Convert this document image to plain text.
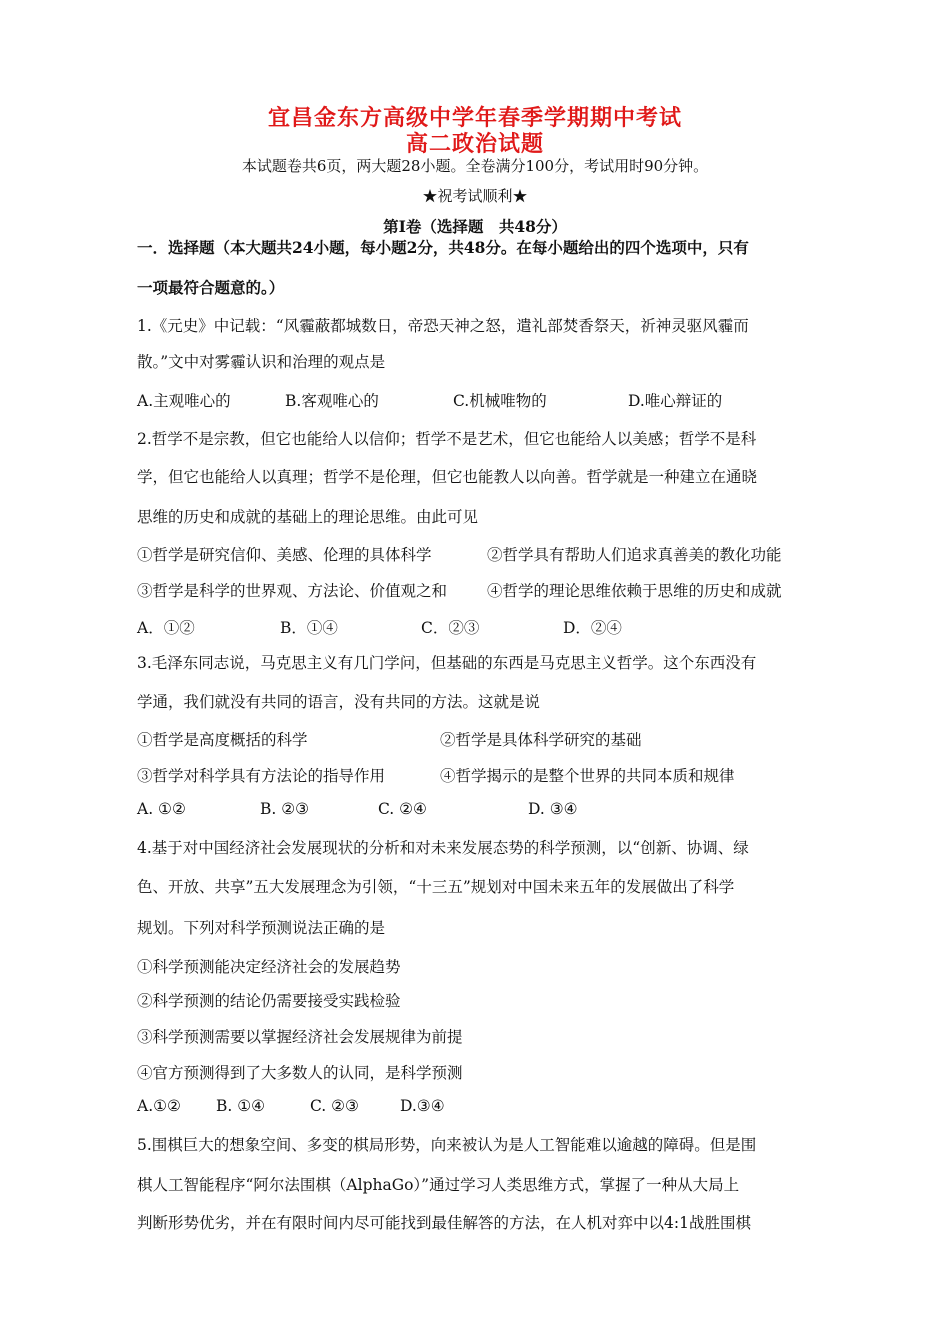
宜昌金东方高级中学年春季学期期中考试
高二政治试题
本试题卷共6页，两大题28小题。全卷满分100分，考试用时90分钟。
★祝考试顺利★
第Ⅰ卷（选择题　共48分）
一．选择题（本大题共24小题，每小题2分，共48分。在每小题给出的四个选项中，只有
一项最符合题意的。）
1.《元史》中记载：“风霾蔽都城数日，帝恐天神之怒，遣礼部焚香祭天，祈神灵驱风霾而
散。”文中对雾霾认识和治理的观点是
A.主观唯心的	B.客观唯心的	C.机械唯物的	D.唯心辩证的
2.哲学不是宗教，但它也能给人以信仰；哲学不是艺术，但它也能给人以美感；哲学不是科
学，但它也能给人以真理；哲学不是伦理，但它也能教人以向善。哲学就是一种建立在通晓
思维的历史和成就的基础上的理论思维。由此可见
①哲学是研究信仰、美感、伦理的具体科学	②哲学具有帮助人们追求真善美的教化功能
③哲学是科学的世界观、方法论、价值观之和	④哲学的理论思维依赖于思维的历史和成就
A．①②	B．①④	C．②③	D．②④
3.毛泽东同志说，马克思主义有几门学问，但基础的东西是马克思主义哲学。这个东西没有
学通，我们就没有共同的语言，没有共同的方法。这就是说
①哲学是高度概括的科学	②哲学是具体科学研究的基础
③哲学对科学具有方法论的指导作用	④哲学揭示的是整个世界的共同本质和规律
A. ①②	B. ②③	C. ②④	D. ③④
4.基于对中国经济社会发展现状的分析和对未来发展态势的科学预测，以“创新、协调、绿
色、开放、共享”五大发展理念为引领，“十三五”规划对中国未来五年的发展做出了科学
规划。下列对科学预测说法正确的是
①科学预测能决定经济社会的发展趋势
②科学预测的结论仍需要接受实践检验
③科学预测需要以掌握经济社会发展规律为前提
④官方预测得到了大多数人的认同，是科学预测
A.①② B. ①④	C. ②③	D.③④
5.围棋巨大的想象空间、多变的棋局形势，向来被认为是人工智能难以逾越的障碍。但是围
棋人工智能程序“阿尔法围棋（AlphaGo）”通过学习人类思维方式，掌握了一种从大局上
判断形势优劣，并在有限时间内尽可能找到最佳解答的方法，在人机对弈中以4:1战胜围棋
